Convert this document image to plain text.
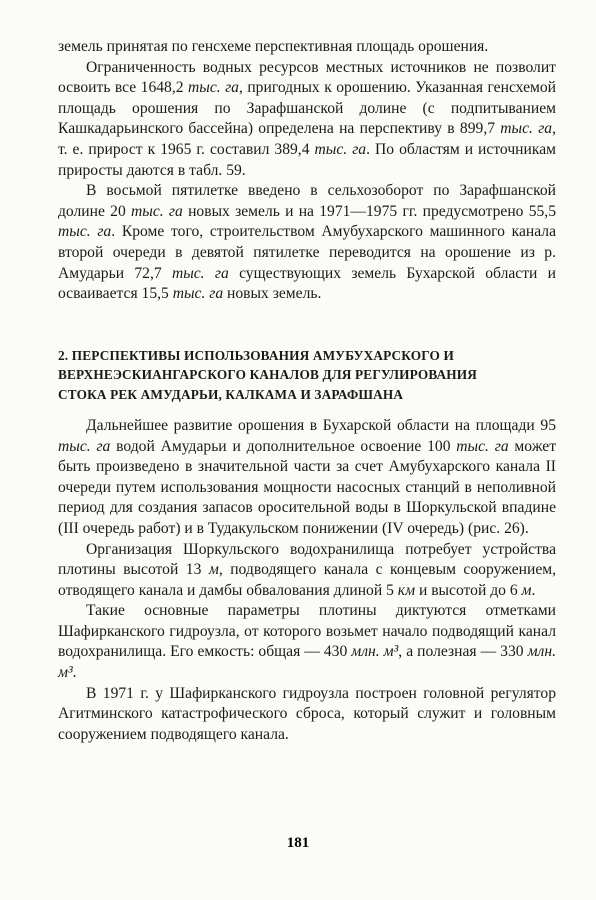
земель принятая по генсхеме перспективная площадь орошения.

Ограниченность водных ресурсов местных источников не позволит освоить все 1648,2 тыс. га, пригодных к орошению. Указанная генсхемой площадь орошения по Зарафшанской долине (с подпитыванием Кашкадарьинского бассейна) определена на перспективу в 899,7 тыс. га, т. е. прирост к 1965 г. составил 389,4 тыс. га. По областям и источникам приросты даются в табл. 59.

В восьмой пятилетке введено в сельхозоборот по Зарафшанской долине 20 тыс. га новых земель и на 1971—1975 гг. предусмотрено 55,5 тыс. га. Кроме того, строительством Амубухарского машинного канала второй очереди в девятой пятилетке переводится на орошение из р. Амударьи 72,7 тыс. га существующих земель Бухарской области и осваивается 15,5 тыс. га новых земель.

2. ПЕРСПЕКТИВЫ ИСПОЛЬЗОВАНИЯ АМУБУХАРСКОГО И
ВЕРХНЕЭСКИАНГАРСКОГО КАНАЛОВ ДЛЯ РЕГУЛИРОВАНИЯ
СТОКА РЕК АМУДАРЬИ, КАЛКАМА И ЗАРАФШАНА

Дальнейшее развитие орошения в Бухарской области на площади 95 тыс. га водой Амударьи и дополнительное освоение 100 тыс. га может быть произведено в значительной части за счет Амубухарского канала II очереди путем использования мощности насосных станций в неполивной период для создания запасов оросительной воды в Шоркульской впадине (III очередь работ) и в Тудакульском понижении (IV очередь) (рис. 26).

Организация Шоркульского водохранилища потребует устройства плотины высотой 13 м, подводящего канала с концевым сооружением, отводящего канала и дамбы обвалования длиной 5 км и высотой до 6 м.

Такие основные параметры плотины диктуются отметками Шафирканского гидроузла, от которого возьмет начало подводящий канал водохранилища. Его емкость: общая — 430 млн. м³, а полезная — 330 млн. м³.

В 1971 г. у Шафирканского гидроузла построен головной регулятор Агитминского катастрофического сброса, который служит и головным сооружением подводящего канала.

181
